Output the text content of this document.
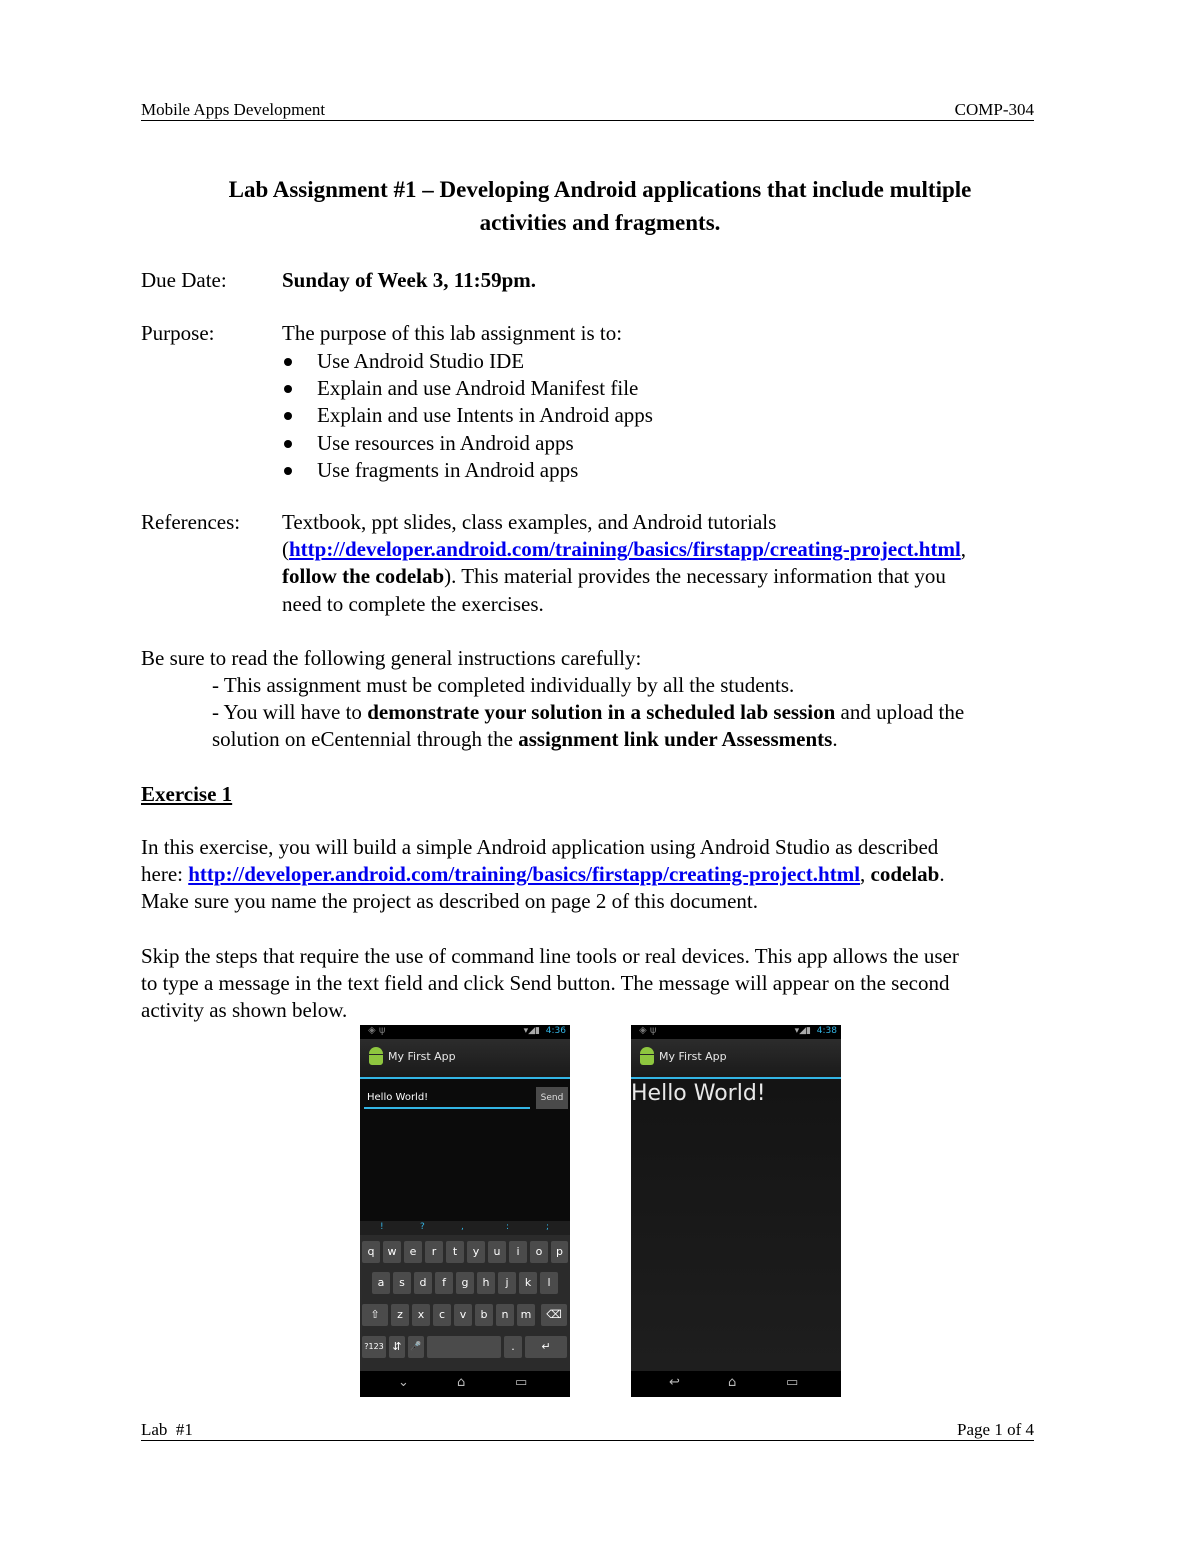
Mobile Apps Development	COMP-304
Lab Assignment #1 – Developing Android applications that include multiple
activities and fragments.
Due Date:	Sunday of Week 3, 11:59pm.
Purpose:	The purpose of this lab assignment is to:
Use Android Studio IDE
Explain and use Android Manifest file
Explain and use Intents in Android apps
Use resources in Android apps
Use fragments in Android apps
References: Textbook, ppt slides, class examples, and Android tutorials
(http://developer.android.com/training/basics/firstapp/creating-project.html,
follow the codelab). This material provides the necessary information that you
need to complete the exercises.
Be sure to read the following general instructions carefully:
- This assignment must be completed individually by all the students.
- You will have to demonstrate your solution in a scheduled lab session and upload the
solution on eCentennial through the assignment link under Assessments.
Exercise 1
In this exercise, you will build a simple Android application using Android Studio as described
here: http://developer.android.com/training/basics/firstapp/creating-project.html, codelab.
Make sure you name the project as described on page 2 of this document.
Skip the steps that require the use of command line tools or real devices. This app allows the user
to type a message in the text field and click Send button. The message will appear on the second
activity as shown below.
◈ ψ	▾◢▮ 4:36
My First App
Hello World!	Send
!	?	,	:	;
q	w	e	r	t	y	u	i	o	p
a	s	d	f	g	h	j	k	l
⇧	z	x	c	v	b	n	m	⌫
?123 ⇵ 🎤	.	↵
⌄	⌂	▭
◈ ψ	▾◢▮ 4:38
My First App
Hello World!
↩	⌂	▭
Lab  #1	Page 1 of 4
